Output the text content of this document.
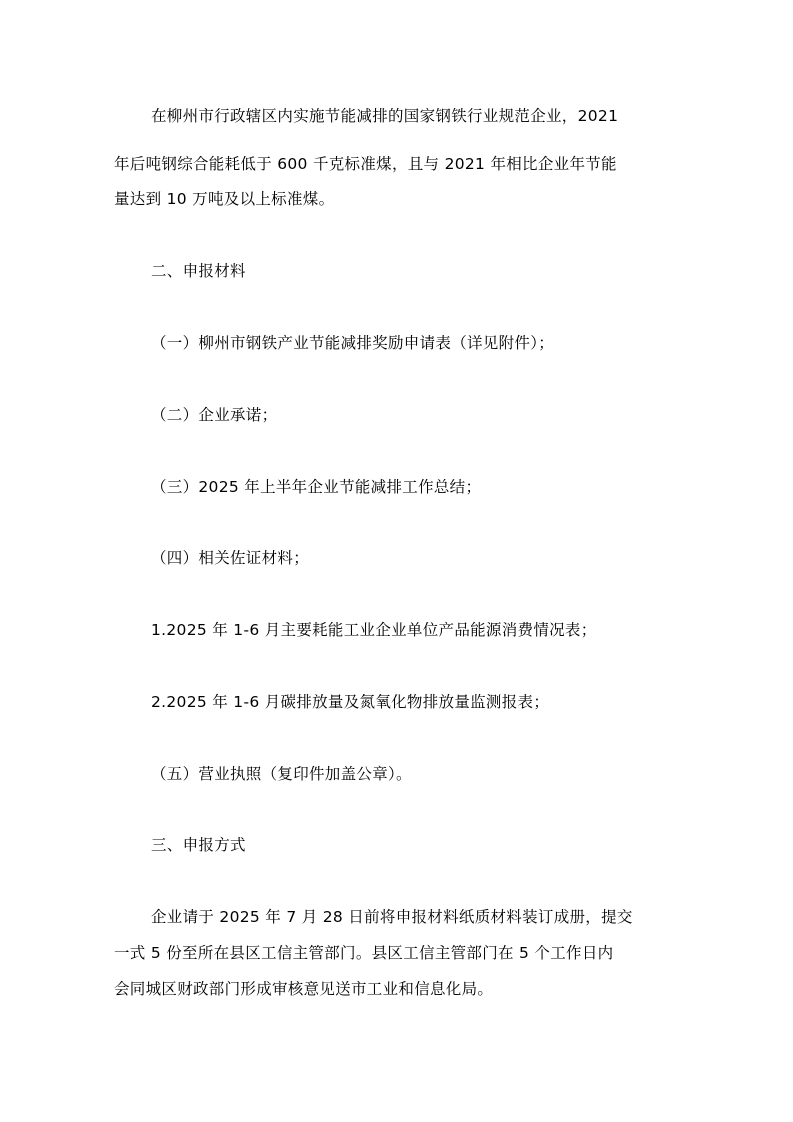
在柳州市行政辖区内实施节能减排的国家钢铁行业规范企业，2021
年后吨钢综合能耗低于 600 千克标准煤，且与 2021 年相比企业年节能
量达到 10 万吨及以上标准煤。
二、申报材料
（一）柳州市钢铁产业节能减排奖励申请表（详见附件）；
（二）企业承诺；
（三）2025 年上半年企业节能减排工作总结；
（四）相关佐证材料；
1.2025 年 1-6 月主要耗能工业企业单位产品能源消费情况表；
2.2025 年 1-6 月碳排放量及氮氧化物排放量监测报表；
（五）营业执照（复印件加盖公章）。
三、申报方式
企业请于 2025 年 7 月 28 日前将申报材料纸质材料装订成册，提交
一式 5 份至所在县区工信主管部门。县区工信主管部门在 5 个工作日内
会同城区财政部门形成审核意见送市工业和信息化局。
